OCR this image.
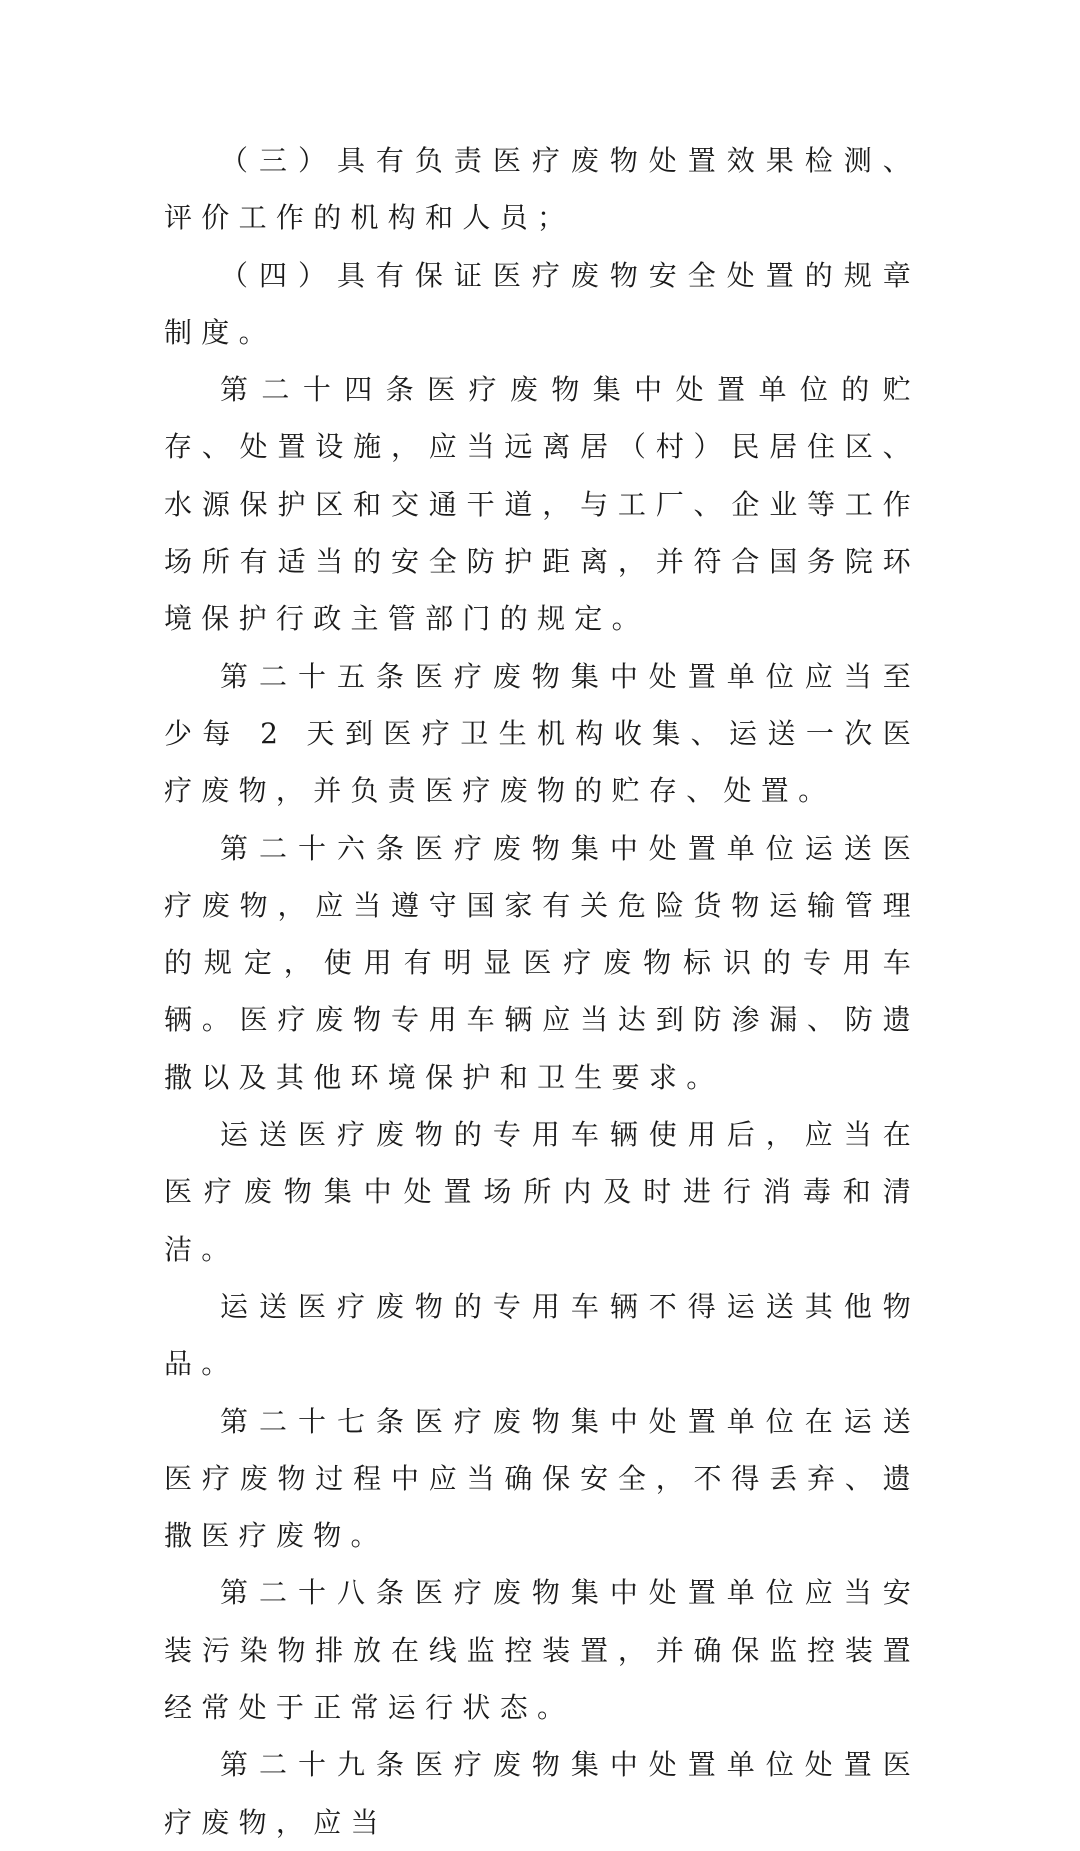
（三）具有负责医疗废物处置效果检测、评价工作的机构和人员；

（四）具有保证医疗废物安全处置的规章制度。

第二十四条医疗废物集中处置单位的贮存、处置设施，应当远离居（村）民居住区、水源保护区和交通干道，与工厂、企业等工作场所有适当的安全防护距离，并符合国务院环境保护行政主管部门的规定。

第二十五条医疗废物集中处置单位应当至少每 2 天到医疗卫生机构收集、运送一次医疗废物，并负责医疗废物的贮存、处置。

第二十六条医疗废物集中处置单位运送医疗废物，应当遵守国家有关危险货物运输管理的规定，使用有明显医疗废物标识的专用车辆。医疗废物专用车辆应当达到防渗漏、防遗撒以及其他环境保护和卫生要求。

运送医疗废物的专用车辆使用后，应当在医疗废物集中处置场所内及时进行消毒和清洁。

运送医疗废物的专用车辆不得运送其他物品。

第二十七条医疗废物集中处置单位在运送医疗废物过程中应当确保安全，不得丢弃、遗撒医疗废物。

第二十八条医疗废物集中处置单位应当安装污染物排放在线监控装置，并确保监控装置经常处于正常运行状态。

第二十九条医疗废物集中处置单位处置医疗废物，应当
